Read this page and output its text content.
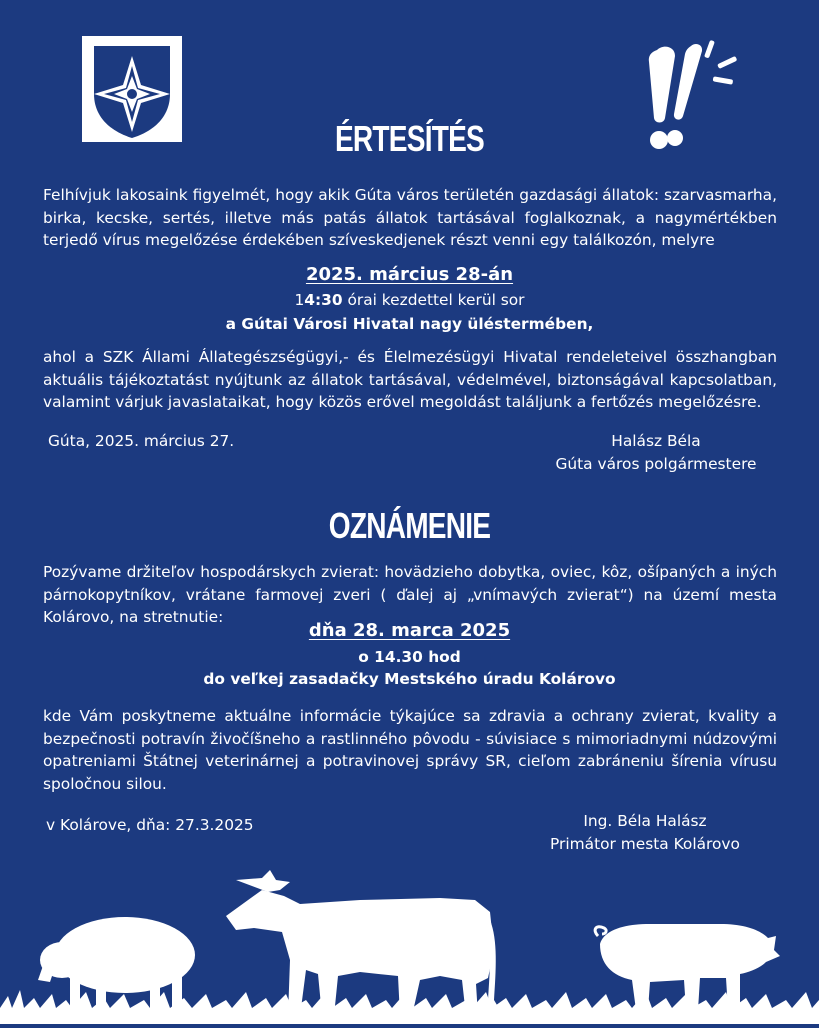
ÉRTESÍTÉS
Felhívjuk lakosaink figyelmét, hogy akik Gúta város területén gazdasági állatok: szarvasmarha, birka, kecske, sertés, illetve más patás állatok tartásával foglalkoznak, a nagymértékben terjedő vírus megelőzése érdekében szíveskedjenek részt venni egy találkozón, melyre
2025. március 28-án
14:30 órai kezdettel kerül sor
a Gútai Városi Hivatal nagy üléstermében,
ahol a SZK Állami Állategészségügyi,- és Élelmezésügyi Hivatal rendeleteivel összhangban aktuális tájékoztatást nyújtunk az állatok tartásával, védelmével, biztonságával kapcsolatban, valamint várjuk javaslataikat, hogy közös erővel megoldást találjunk a fertőzés megelőzésre.
Gúta, 2025. március 27.	Halász Béla
Gúta város polgármestere
OZNÁMENIE
Pozývame držiteľov hospodárskych zvierat: hovädzieho dobytka, oviec, kôz, ošípaných a iných párnokopytníkov, vrátane farmovej zveri ( ďalej aj „vnímavých zvierat“) na území mesta Kolárovo, na stretnutie:
dňa 28. marca 2025
o 14.30 hod
do veľkej zasadačky Mestského úradu Kolárovo
kde Vám poskytneme aktuálne informácie týkajúce sa zdravia a ochrany zvierat, kvality a bezpečnosti potravín živočíšneho a rastlinného pôvodu - súvisiace s mimoriadnymi núdzovými opatreniami Štátnej veterinárnej a potravinovej správy SR, cieľom zabráneniu šírenia vírusu spoločnou silou.
v Kolárove, dňa: 27.3.2025	Ing. Béla Halász
Primátor mesta Kolárovo
